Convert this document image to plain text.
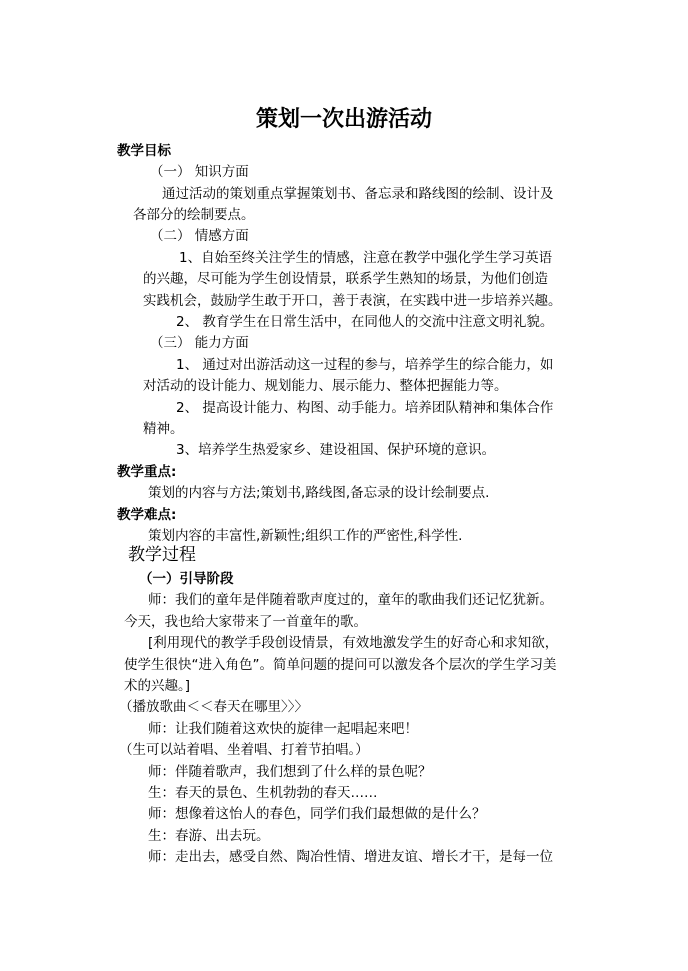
策划一次出游活动
教学目标
（一） 知识方面
通过活动的策划重点掌握策划书、备忘录和路线图的绘制、设计及
各部分的绘制要点。
（二） 情感方面
1、自始至终关注学生的情感，注意在教学中强化学生学习英语
的兴趣，尽可能为学生创设情景，联系学生熟知的场景，为他们创造
实践机会，鼓励学生敢于开口，善于表演，在实践中进一步培养兴趣。
2、 教育学生在日常生活中，在同他人的交流中注意文明礼貌。
（三） 能力方面
1、 通过对出游活动这一过程的参与，培养学生的综合能力，如
对活动的设计能力、规划能力、展示能力、整体把握能力等。
2、 提高设计能力、构图、动手能力。培养团队精神和集体合作
精神。
3、培养学生热爱家乡、建设祖国、保护环境的意识。
教学重点:
策划的内容与方法;策划书,路线图,备忘录的设计绘制要点.
教学难点:
策划内容的丰富性,新颖性;组织工作的严密性,科学性.
教学过程
（一）引导阶段
师：我们的童年是伴随着歌声度过的，童年的歌曲我们还记忆犹新。
今天，我也给大家带来了一首童年的歌。
[利用现代的教学手段创设情景，有效地激发学生的好奇心和求知欲，
使学生很快“进入角色”。简单问题的提问可以激发各个层次的学生学习美
术的兴趣。]
（播放歌曲＜＜春天在哪里〉〉〉
师：让我们随着这欢快的旋律一起唱起来吧！
（生可以站着唱、坐着唱、打着节拍唱。）
师：伴随着歌声，我们想到了什么样的景色呢？
生：春天的景色、生机勃勃的春天……
师：想像着这怡人的春色，同学们我们最想做的是什么？
生：春游、出去玩。
师：走出去，感受自然、陶冶性情、增进友谊、增长才干，是每一位
